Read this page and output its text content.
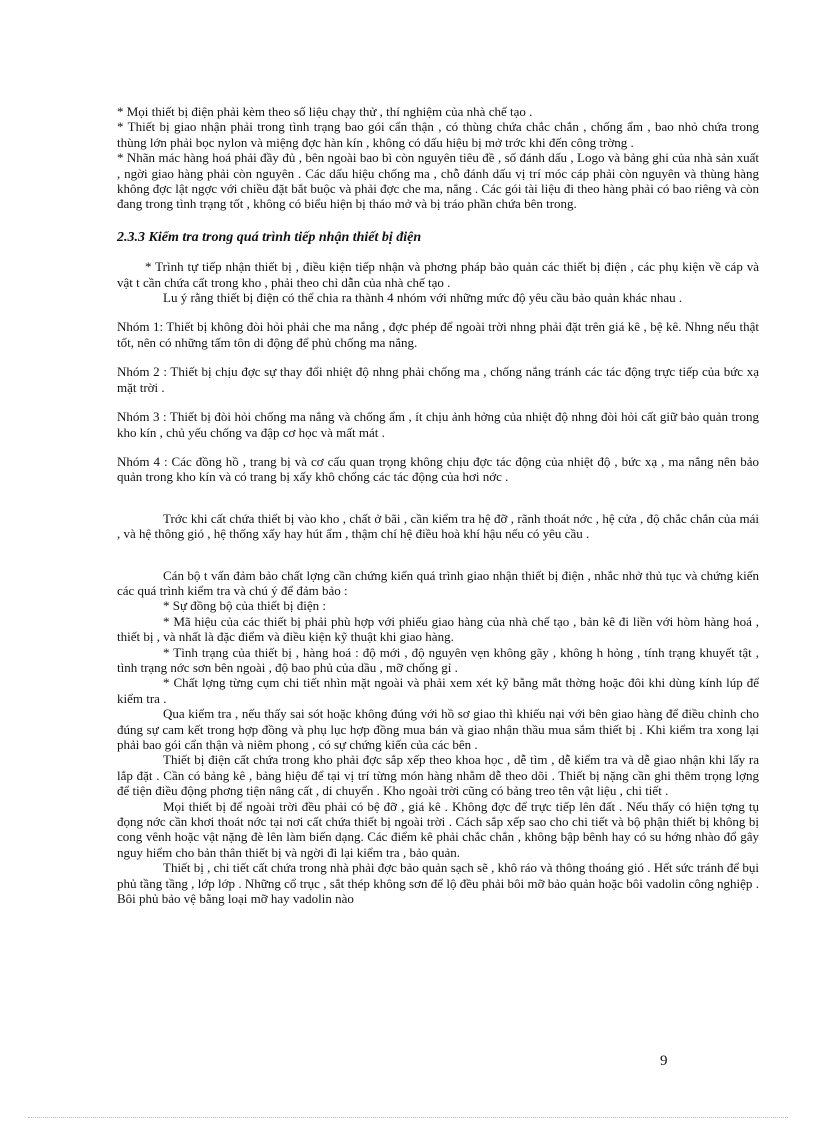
* Mọi thiết bị điện phải kèm theo số liệu chạy thử , thí nghiệm của nhà chế tạo .

* Thiết bị giao nhận phải trong tình trạng bao gói cẩn thận , có thùng chứa chắc chắn , chống ẩm , bao nhỏ chứa trong thùng lớn phải bọc nylon và miệng đợc hàn kín , không có dấu hiệu bị mở trớc khi đến công trờng .

* Nhãn mác hàng hoá phải đầy đủ , bên ngoài bao bì còn nguyên tiêu đề , số đánh dấu , Logo và bảng ghi của nhà sản xuất , ngời giao hàng phải còn nguyên . Các dấu hiệu chống ma , chỗ đánh dấu vị trí móc cáp phải còn nguyên và thùng hàng không đợc lật ngợc với chiều đặt bắt buộc và phải đợc che ma, nắng . Các gói tài liệu đi theo hàng phải có bao riêng và còn đang trong tình trạng tốt , không có biểu hiện bị tháo mở và bị tráo phần chứa bên trong.

2.3.3 Kiểm tra trong quá trình tiếp nhận thiết bị điện

* Trình tự tiếp nhận thiết bị , điều kiện tiếp nhận và phơng pháp bảo quản các thiết bị điện , các phụ kiện về cáp và vật t cần chứa cất trong kho , phải theo chỉ dẫn của nhà chế tạo .

Lu ý rằng thiết bị điện có thể chia ra thành 4 nhóm với những mức độ yêu cầu bảo quản khác nhau .

Nhóm 1: Thiết bị không đòi hỏi phải che ma nắng , đợc phép để ngoài trời nhng phải đặt trên giá kê , bệ kê. Nhng nếu thật tốt, nên có những tấm tôn di động để phủ chống ma nắng.

Nhóm 2 : Thiết bị chịu đợc sự thay đổi nhiệt độ nhng phải chống ma , chống nắng tránh các tác động trực tiếp của bức xạ mặt trời .

Nhóm 3 : Thiết bị đòi hỏi chống ma nắng và chống ẩm , ít chịu ảnh hởng của nhiệt độ nhng đòi hỏi cất giữ bảo quản trong kho kín , chủ yếu chống va đập cơ học và mất mát .

Nhóm 4 : Các đồng hồ , trang bị và cơ cấu quan trọng không chịu đợc tác động của nhiệt độ , bức xạ , ma nắng nên bảo quản trong kho kín và có trang bị xấy khô chống các tác động của hơi nớc .

Trớc khi cất chứa thiết bị vào kho , chất ở bãi , cần kiểm tra hệ đỡ , rãnh thoát nớc , hệ cửa , độ chắc chắn của mái , và hệ thông gió , hệ thống xấy hay hút ẩm , thậm chí hệ điều hoà khí hậu nếu có yêu cầu .

Cán bộ t vấn đảm bảo chất lợng cần chứng kiến quá trình giao nhận thiết bị điện , nhắc nhở thủ tục và chứng kiến các quá trình kiểm tra và chú ý để đảm bảo :

* Sự đồng bộ của thiết bị điện :

* Mã hiệu của các thiết bị phải phù hợp với phiếu giao hàng của nhà chế tạo , bản kê đi liền với hòm hàng hoá , thiết bị , và nhất là đặc điểm và điều kiện kỹ thuật khi giao hàng.

* Tình trạng của thiết bị , hàng hoá : độ mới , độ nguyên vẹn không gãy , không h hỏng , tính trạng khuyết tật , tình trạng nớc sơn bên ngoài , độ bao phủ của dầu , mỡ chống gỉ .

* Chất lợng từng cụm chi tiết nhìn mặt ngoài và phải xem xét kỹ bằng mắt thờng hoặc đôi khi dùng kính lúp để kiểm tra .

Qua kiểm tra , nếu thấy sai sót hoặc không đúng với hồ sơ giao thì khiếu nại với bên giao hàng để điều chỉnh cho đúng sự cam kết trong hợp đồng và phụ lục hợp đồng mua bán và giao nhận thầu mua sắm thiết bị . Khi kiểm tra xong lại phải bao gói cẩn thận và niêm phong , có sự chứng kiến của các bên .

Thiết bị điện cất chứa trong kho phải đợc sắp xếp theo khoa học , dễ tìm , dễ kiểm tra và dễ giao nhận khi lấy ra lắp đặt . Cần có bảng kê , bảng hiệu để tại vị trí từng món hàng nhằm dễ theo dõi . Thiết bị nặng cần ghi thêm trọng lợng để tiện điều động phơng tiện nâng cất , di chuyển . Kho ngoài trời cũng có bảng treo tên vật liệu , chi tiết .

Mọi thiết bị để ngoài trời đều phải có bệ đỡ , giá kê . Không đợc để trực tiếp lên đất . Nếu thấy có hiện tợng tụ đọng nớc cần khơi thoát nớc tại nơi cất chứa thiết bị ngoài trời . Cách sắp xếp sao cho chi tiết và bộ phận thiết bị không bị cong vênh hoặc vật nặng đè lên làm biến dạng. Các điểm kê phải chắc chắn , không bập bênh hay có su hớng nhào đổ gây nguy hiểm cho bản thân thiết bị và ngời đi lại kiểm tra , bảo quản.

Thiết bị , chi tiết cất chứa trong nhà phải đợc bảo quản sạch sẽ , khô ráo và thông thoáng gió . Hết sức tránh để bụi phủ tầng tầng , lớp lớp . Những cổ trục , sắt thép không sơn để lộ đều phải bôi mỡ bảo quản hoặc bôi vadolin công nghiệp . Bôi phủ bảo vệ bằng loại mỡ hay vadolin nào

9
